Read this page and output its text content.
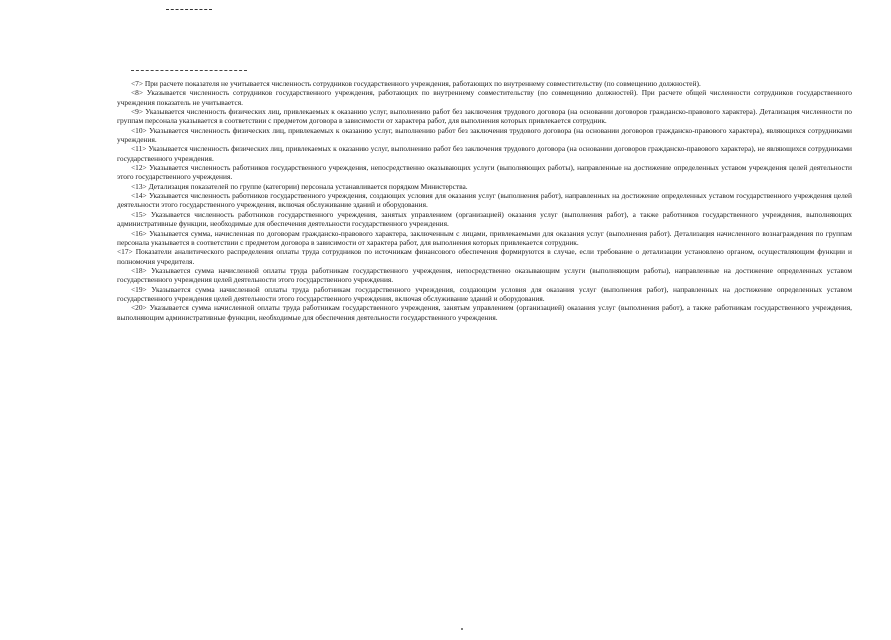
<7> При расчете показателя не учитывается численность сотрудников государственного учреждения, работающих по внутреннему совместительству (по совмещению должностей).

<8> Указывается численность сотрудников государственного учреждения, работающих по внутреннему совместительству (по совмещению должностей). При расчете общей численности сотрудников государственного учреждения показатель не учитывается.

<9> Указывается численность физических лиц, привлекаемых к оказанию услуг, выполнению работ без заключения трудового договора (на основании договоров гражданско-правового характера). Детализация численности по группам персонала указывается в соответствии с предметом договора в зависимости от характера работ, для выполнения которых привлекается сотрудник.

<10> Указывается численность физических лиц, привлекаемых к оказанию услуг, выполнению работ без заключения трудового договора (на основании договоров гражданско-правового характера), являющихся сотрудниками учреждения.

<11> Указывается численность физических лиц, привлекаемых к оказанию услуг, выполнению работ без заключения трудового договора (на основании договоров гражданско-правового характера), не являющихся сотрудниками государственного учреждения.

<12> Указывается численность работников государственного учреждения, непосредственно оказывающих услуги (выполняющих работы), направленные на достижение определенных уставом учреждения целей деятельности этого государственного учреждения.

<13> Детализация показателей по группе (категории) персонала устанавливается порядком Министерства.

<14> Указывается численность работников государственного учреждения, создающих условия для оказания услуг (выполнения работ), направленных на достижение определенных уставом государственного учреждения целей деятельности этого государственного учреждения, включая обслуживание зданий и оборудования.

<15> Указывается численность работников государственного учреждения, занятых управлением (организацией) оказания услуг (выполнения работ), а также работников государственного учреждения, выполняющих административные функции, необходимые для обеспечения деятельности государственного учреждения.

<16> Указывается сумма, начисленная по договорам гражданско-правового характера, заключенным с лицами, привлекаемыми для оказания услуг (выполнения работ). Детализация начисленного вознаграждения по группам персонала указывается в соответствии с предметом договора в зависимости от характера работ, для выполнения которых привлекается сотрудник.

<17> Показатели аналитического распределения оплаты труда сотрудников по источникам финансового обеспечения формируются в случае, если требование о детализации установлено органом, осуществляющим функции и полномочия учредителя.

<18> Указывается сумма начисленной оплаты труда работникам государственного учреждения, непосредственно оказывающим услуги (выполняющим работы), направленные на достижение определенных уставом государственного учреждения целей деятельности этого государственного учреждения.

<19> Указывается сумма начисленной оплаты труда работникам государственного учреждения, создающим условия для оказания услуг (выполнения работ), направленных на достижение определенных уставом государственного учреждения целей деятельности этого государственного учреждения, включая обслуживание зданий и оборудования.

<20> Указывается сумма начисленной оплаты труда работникам государственного учреждения, занятым управлением (организацией) оказания услуг (выполнения работ), а также работникам государственного учреждения, выполняющим административные функции, необходимые для обеспечения деятельности государственного учреждения.
